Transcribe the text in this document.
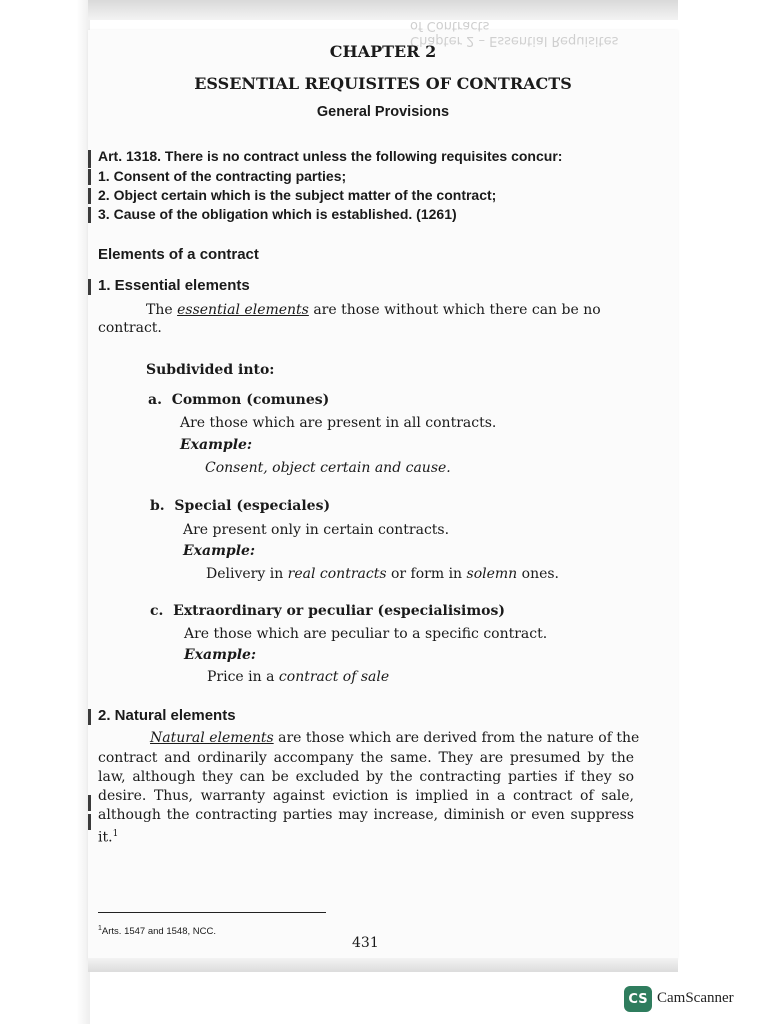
Chapter 2 – Essential Requisites of Contracts
CHAPTER 2
ESSENTIAL REQUISITES OF CONTRACTS
General Provisions
Art. 1318. There is no contract unless the following requisites concur:
1. Consent of the contracting parties;
2. Object certain which is the subject matter of the contract;
3. Cause of the obligation which is established. (1261)
Elements of a contract
1. Essential elements
The essential elements are those without which there can be no
contract.
Subdivided into:
a. Common (comunes)
Are those which are present in all contracts.
Example:
Consent, object certain and cause.
b. Special (especiales)
Are present only in certain contracts.
Example:
Delivery in real contracts or form in solemn ones.
c. Extraordinary or peculiar (especialisimos)
Are those which are peculiar to a specific contract.
Example:
Price in a contract of sale
2. Natural elements
Natural elements are those which are derived from the nature of the
contract and ordinarily accompany the same. They are presumed by the
law, although they can be excluded by the contracting parties if they so
desire. Thus, warranty against eviction is implied in a contract of sale,
although the contracting parties may increase, diminish or even suppress
it.$^1$
$^1$Arts. 1547 and 1548, NCC.
431
CS CamScanner
